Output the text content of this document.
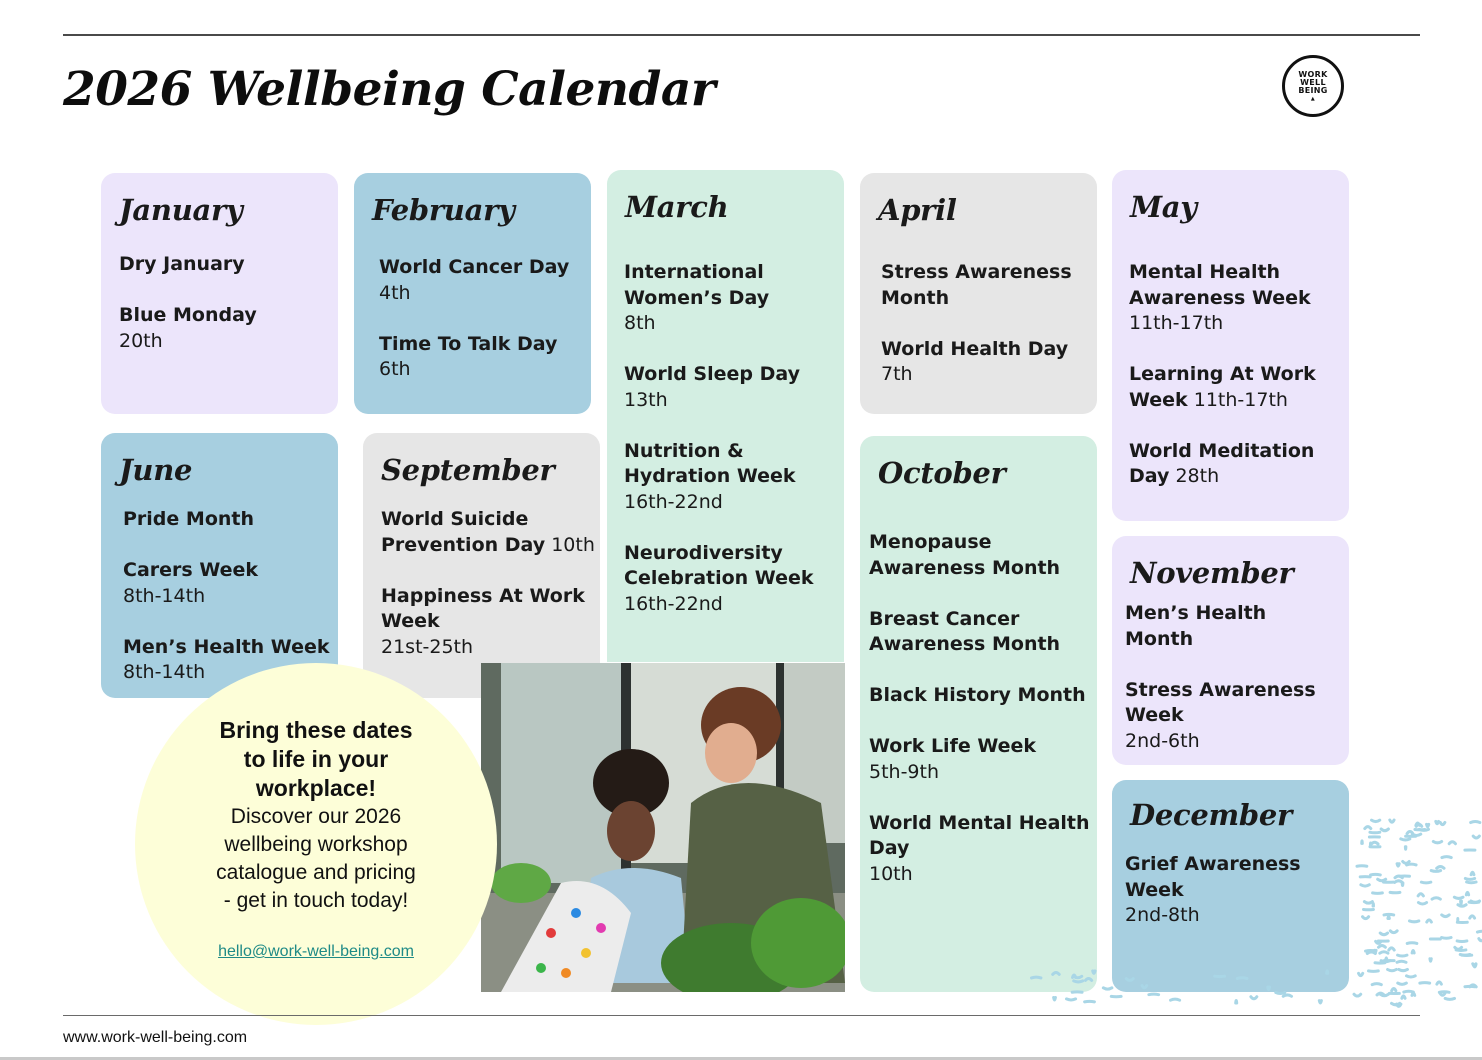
2026 Wellbeing Calendar	WORK
WELL
BEING
▲
January
Dry January
Blue Monday
20th
February
World Cancer Day
4th
Time To Talk Day
6th
March
International Women’s Day
8th
World Sleep Day
13th
Nutrition & Hydration Week
16th-22nd
Neurodiversity Celebration Week
16th-22nd
April
Stress Awareness Month
World Health Day
7th
May
Mental Health Awareness Week
11th-17th
Learning At Work Week 11th-17th
World Meditation Day 28th
June
Pride Month
Carers Week
8th-14th
Men’s Health Week
8th-14th
September
World Suicide Prevention Day 10th
Happiness At Work Week
21st-25th
October
Menopause Awareness Month
Breast Cancer Awareness Month
Black History Month
Work Life Week
5th-9th
World Mental Health Day
10th
November
Men’s Health Month
Stress Awareness Week
2nd-6th
December
Grief Awareness Week
2nd-8th
Bring these dates
to life in your
workplace!
Discover our 2026
wellbeing workshop
catalogue and pricing
- get in touch today!
hello@work-well-being.com
www.work-well-being.com
